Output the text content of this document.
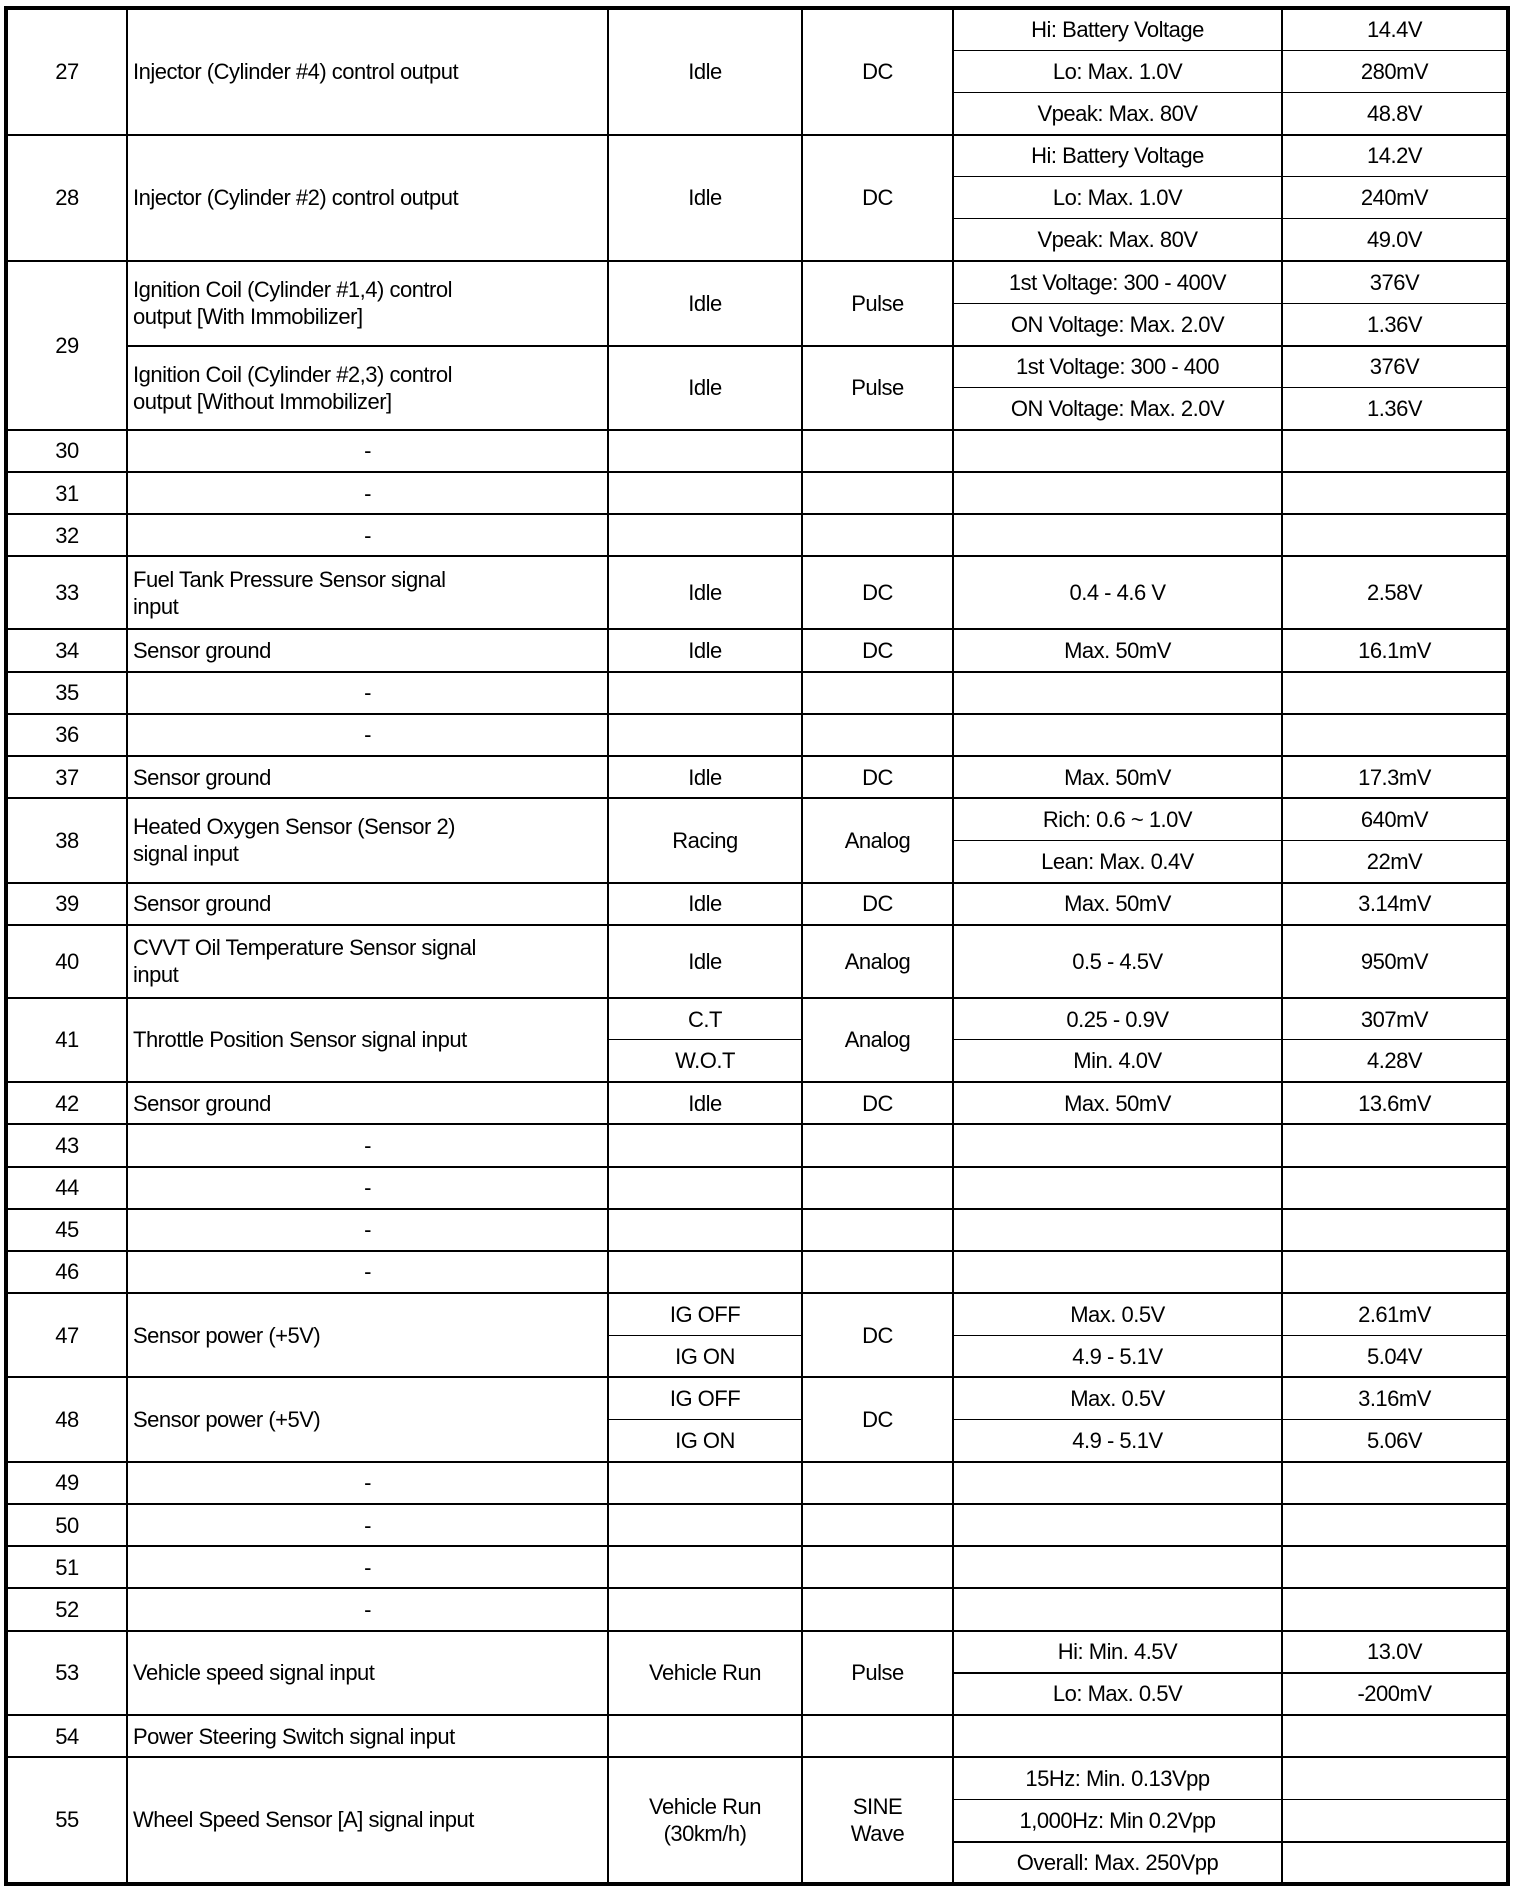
27	Injector (Cylinder #4) control output	Idle	DC	Hi: Battery Voltage	14.4V
				Lo: Max. 1.0V	280mV
				Vpeak: Max. 80V	48.8V
28	Injector (Cylinder #2) control output	Idle	DC	Hi: Battery Voltage	14.2V
				Lo: Max. 1.0V	240mV
				Vpeak: Max. 80V	49.0V
29	Ignition Coil (Cylinder #1,4) control
output [With Immobilizer]	Idle	Pulse	1st Voltage: 300 - 400V	376V
				ON Voltage: Max. 2.0V	1.36V

	Ignition Coil (Cylinder #2,3) control
output [Without Immobilizer]	Idle	Pulse	1st Voltage: 300 - 400	376V
				ON Voltage: Max. 2.0V	1.36V
30	-				
31	-				
32	-				
33	Fuel Tank Pressure Sensor signal
input	Idle	DC	0.4 - 4.6 V	2.58V
34	Sensor ground	Idle	DC	Max. 50mV	16.1mV
35	-				
36	-				
37	Sensor ground	Idle	DC	Max. 50mV	17.3mV
38	Heated Oxygen Sensor (Sensor 2)
signal input	Racing	Analog	Rich: 0.6 ~ 1.0V	640mV
				Lean: Max. 0.4V	22mV
39	Sensor ground	Idle	DC	Max. 50mV	3.14mV
40	CVVT Oil Temperature Sensor signal
input	Idle	Analog	0.5 - 4.5V	950mV
41	Throttle Position Sensor signal input	C.T	Analog	0.25 - 0.9V	307mV
		W.O.T		Min. 4.0V	4.28V
42	Sensor ground	Idle	DC	Max. 50mV	13.6mV
43	-				
44	-				
45	-				
46	-				
47	Sensor power (+5V)	IG OFF	DC	Max. 0.5V	2.61mV
		IG ON		4.9 - 5.1V	5.04V
48	Sensor power (+5V)	IG OFF	DC	Max. 0.5V	3.16mV
		IG ON		4.9 - 5.1V	5.06V
49	-				
50	-				
51	-				
52	-				
53	Vehicle speed signal input	Vehicle Run	Pulse	Hi: Min. 4.5V	13.0V
				Lo: Max. 0.5V	-200mV
54	Power Steering Switch signal input				
55	Wheel Speed Sensor [A] signal input	Vehicle Run
(30km/h)	SINE
Wave	15Hz: Min. 0.13Vpp	
				1,000Hz: Min 0.2Vpp	
				Overall: Max. 250Vpp	
